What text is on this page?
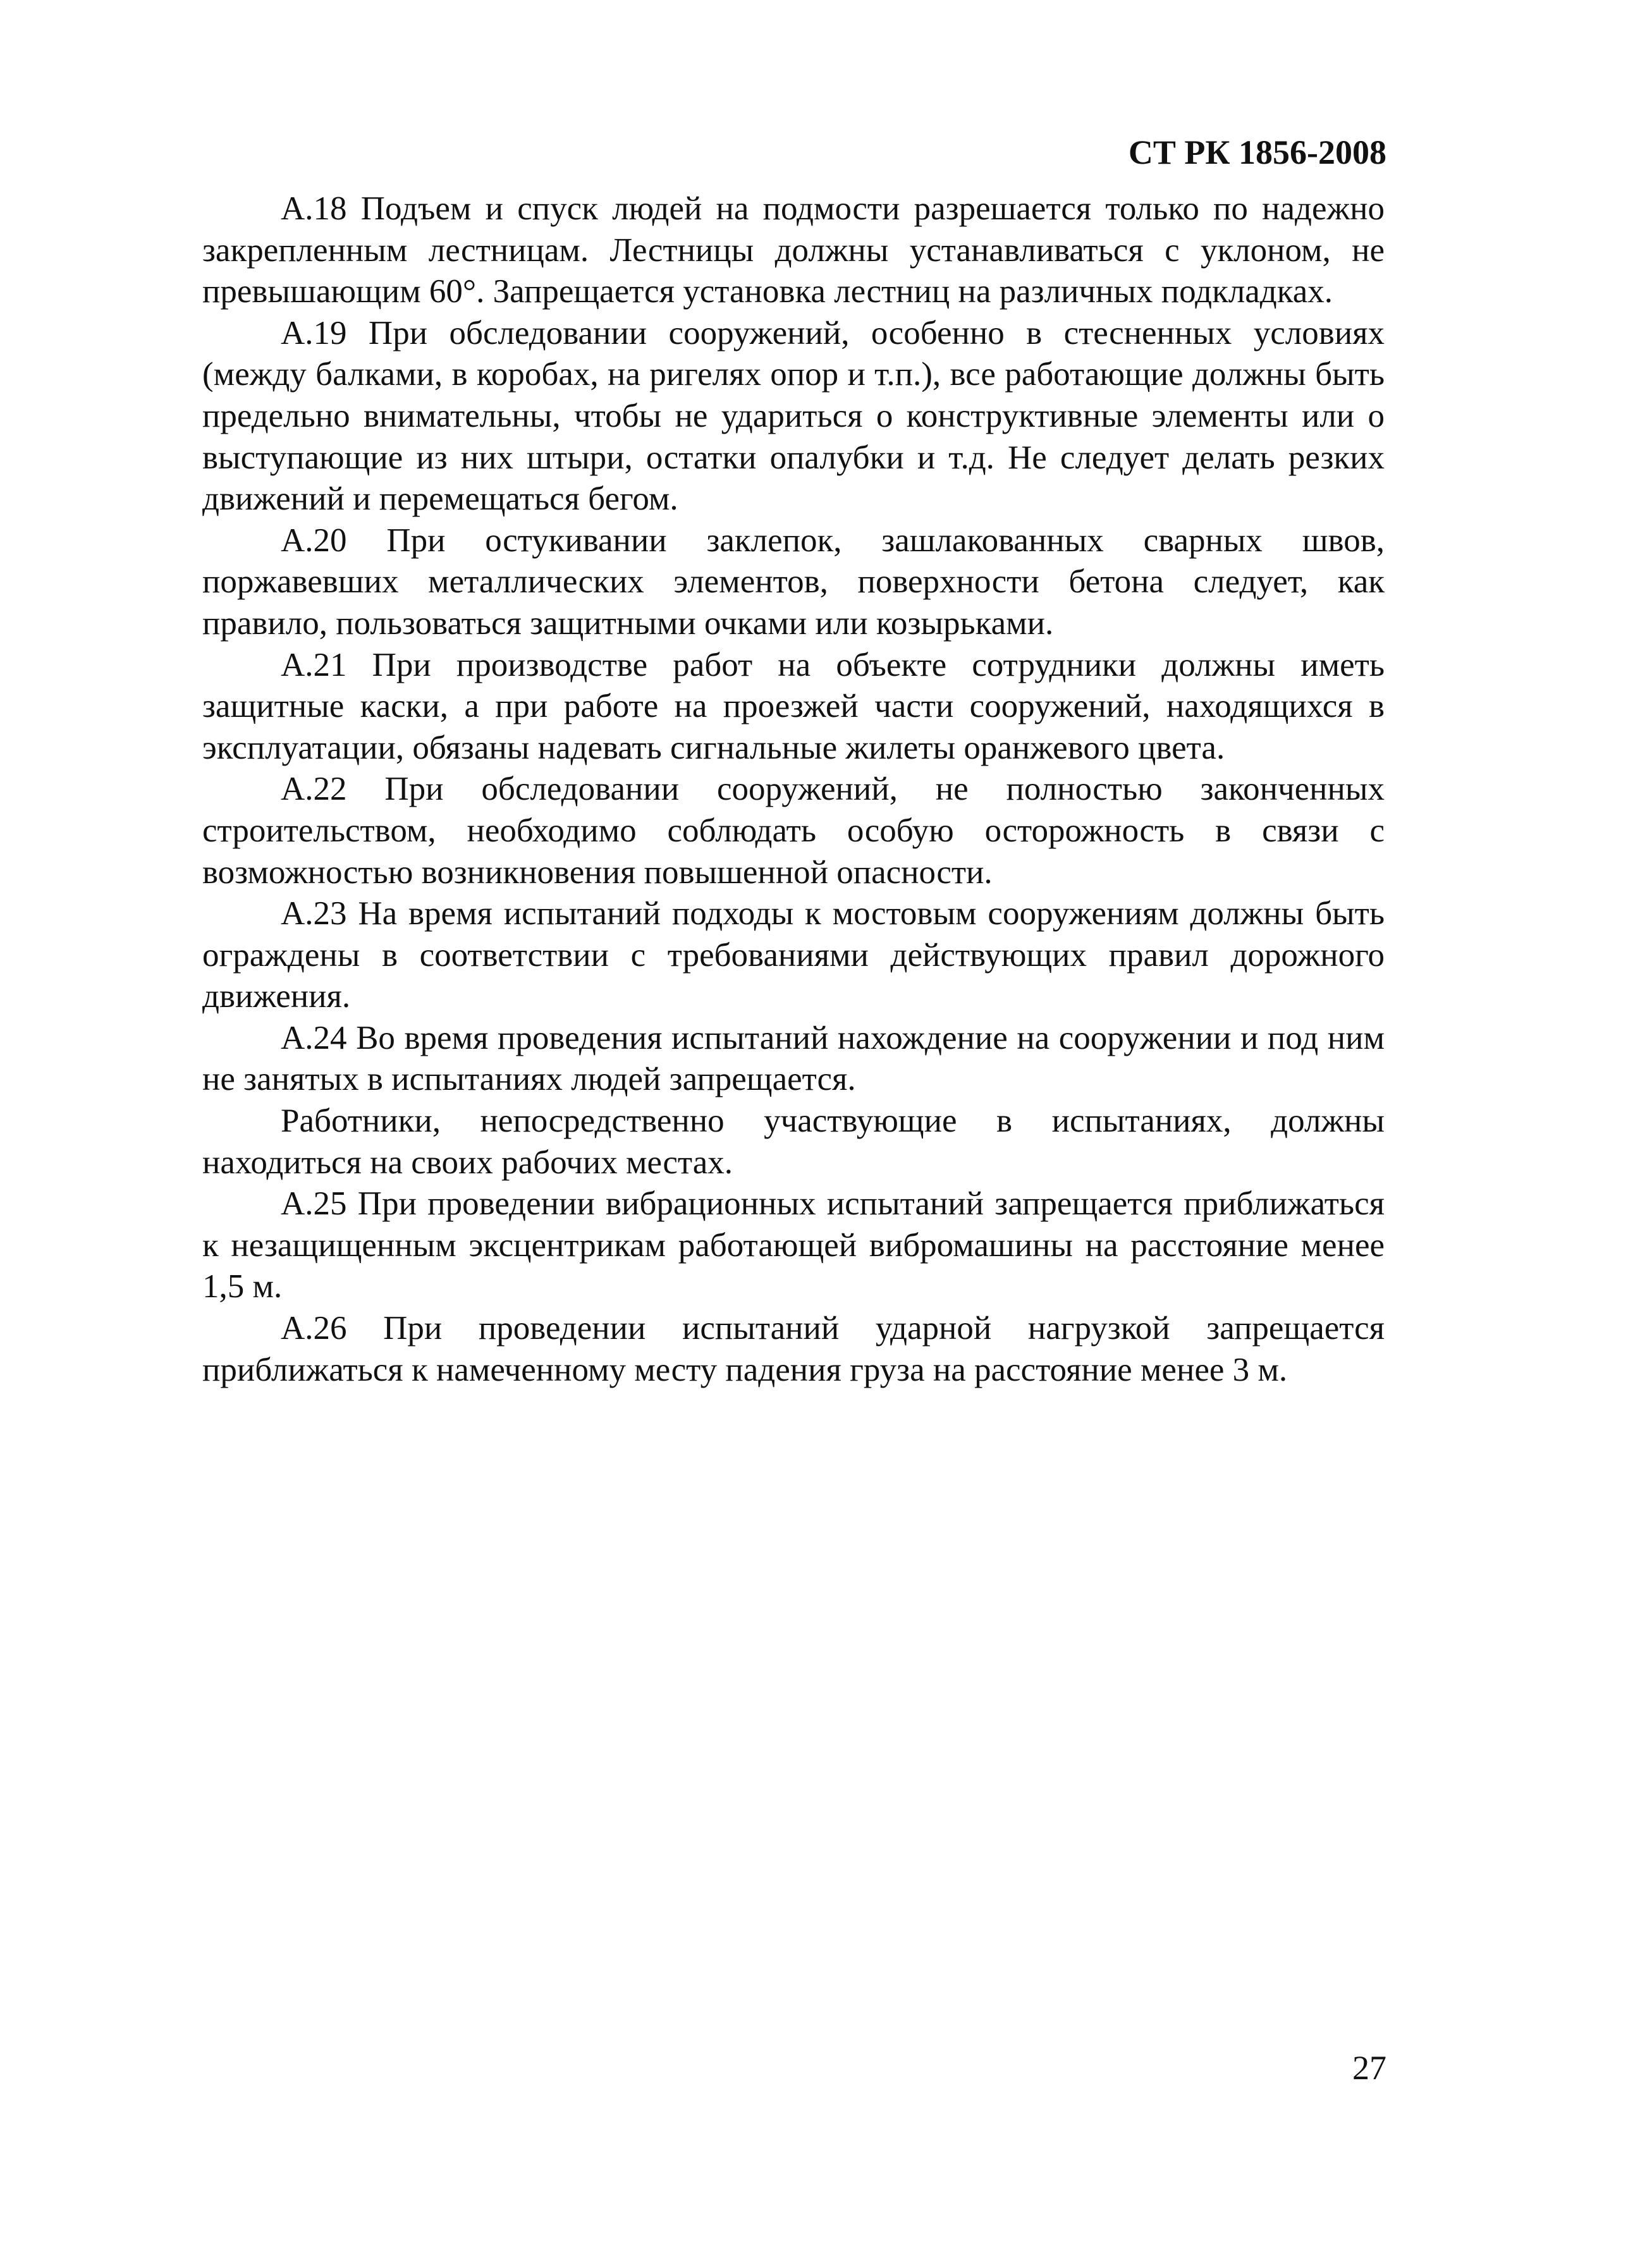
СТ РК 1856-2008

А.18 Подъем и спуск людей на подмости разрешается только по надежно закрепленным лестницам. Лестницы должны устанавливаться с уклоном, не превышающим 60°. Запрещается установка лестниц на различных подкладках.

А.19 При обследовании сооружений, особенно в стесненных условиях (между балками, в коробах, на ригелях опор и т.п.), все работающие должны быть предельно внимательны, чтобы не удариться о конструктивные элементы или о выступающие из них штыри, остатки опалубки и т.д. Не следует делать резких движений и перемещаться бегом.

А.20 При остукивании заклепок, зашлакованных сварных швов, поржавевших металлических элементов, поверхности бетона следует, как правило, пользоваться защитными очками или козырьками.

А.21 При производстве работ на объекте сотрудники должны иметь защитные каски, а при работе на проезжей части сооружений, находящихся в эксплуатации, обязаны надевать сигнальные жилеты оранжевого цвета.

А.22 При обследовании сооружений, не полностью законченных строительством, необходимо соблюдать особую осторожность в связи с возможностью возникновения повышенной опасности.

А.23 На время испытаний подходы к мостовым сооружениям должны быть ограждены в соответствии с требованиями действующих правил дорожного движения.

А.24 Во время проведения испытаний нахождение на сооружении и под ним не занятых в испытаниях людей запрещается.

Работники, непосредственно участвующие в испытаниях, должны находиться на своих рабочих местах.

А.25 При проведении вибрационных испытаний запрещается приближаться к незащищенным эксцентрикам работающей вибромашины на расстояние менее 1,5 м.

А.26 При проведении испытаний ударной нагрузкой запрещается приближаться к намеченному месту падения груза на расстояние менее 3 м.

27
